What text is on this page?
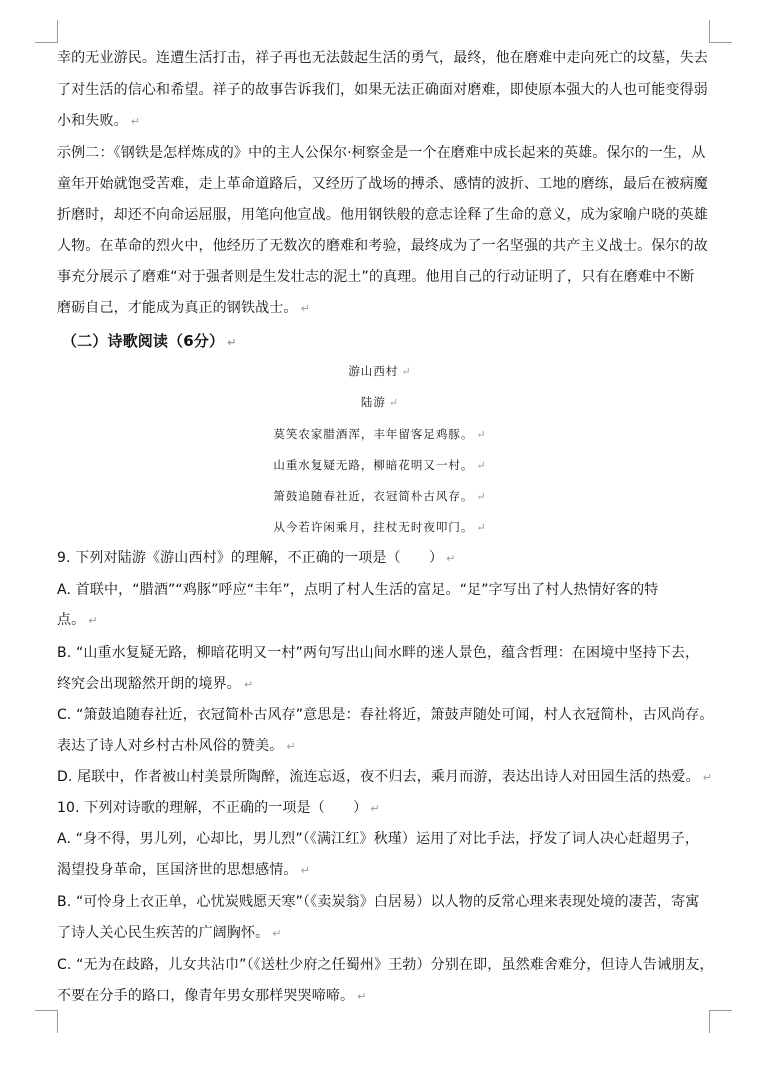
幸的无业游民。连遭生活打击，祥子再也无法鼓起生活的勇气，最终，他在磨难中走向死亡的坟墓，失去
了对生活的信心和希望。祥子的故事告诉我们，如果无法正确面对磨难，即使原本强大的人也可能变得弱
小和失败。 ↵
示例二：《钢铁是怎样炼成的》中的主人公保尔·柯察金是一个在磨难中成长起来的英雄。保尔的一生，从
童年开始就饱受苦难，走上革命道路后，又经历了战场的搏杀、感情的波折、工地的磨练，最后在被病魔
折磨时，却还不向命运屈服，用笔向他宣战。他用钢铁般的意志诠释了生命的意义，成为家喻户晓的英雄
人物。在革命的烈火中，他经历了无数次的磨难和考验，最终成为了一名坚强的共产主义战士。保尔的故
事充分展示了磨难“对于强者则是生发壮志的泥土”的真理。他用自己的行动证明了，只有在磨难中不断
磨砺自己，才能成为真正的钢铁战士。 ↵
（二）诗歌阅读（6分） ↵
游山西村 ↵
陆游 ↵
莫笑农家腊酒浑，丰年留客足鸡豚。 ↵
山重水复疑无路，柳暗花明又一村。 ↵
箫鼓追随春社近，衣冠简朴古风存。 ↵
从今若许闲乘月，拄杖无时夜叩门。 ↵
9. 下列对陆游《游山西村》的理解，不正确的一项是（　　） ↵
A. 首联中，“腊酒”“鸡豚”呼应“丰年”，点明了村人生活的富足。“足”字写出了村人热情好客的特
点。 ↵
B. “山重水复疑无路，柳暗花明又一村”两句写出山间水畔的迷人景色，蕴含哲理：在困境中坚持下去，
终究会出现豁然开朗的境界。 ↵
C. “箫鼓追随春社近，衣冠简朴古风存”意思是：春社将近，箫鼓声随处可闻，村人衣冠简朴，古风尚存。
表达了诗人对乡村古朴风俗的赞美。 ↵
D. 尾联中，作者被山村美景所陶醉，流连忘返，夜不归去，乘月而游，表达出诗人对田园生活的热爱。 ↵
10. 下列对诗歌的理解，不正确的一项是（　　） ↵
A. “身不得，男儿列，心却比，男儿烈”（《满江红》秋瑾）运用了对比手法，抒发了词人决心赶超男子，
渴望投身革命，匡国济世的思想感情。 ↵
B. “可怜身上衣正单，心忧炭贱愿天寒”（《卖炭翁》白居易）以人物的反常心理来表现处境的凄苦，寄寓
了诗人关心民生疾苦的广阔胸怀。 ↵
C. “无为在歧路，儿女共沾巾”（《送杜少府之任蜀州》王勃）分别在即，虽然难舍难分，但诗人告诫朋友，
不要在分手的路口，像青年男女那样哭哭啼啼。 ↵
